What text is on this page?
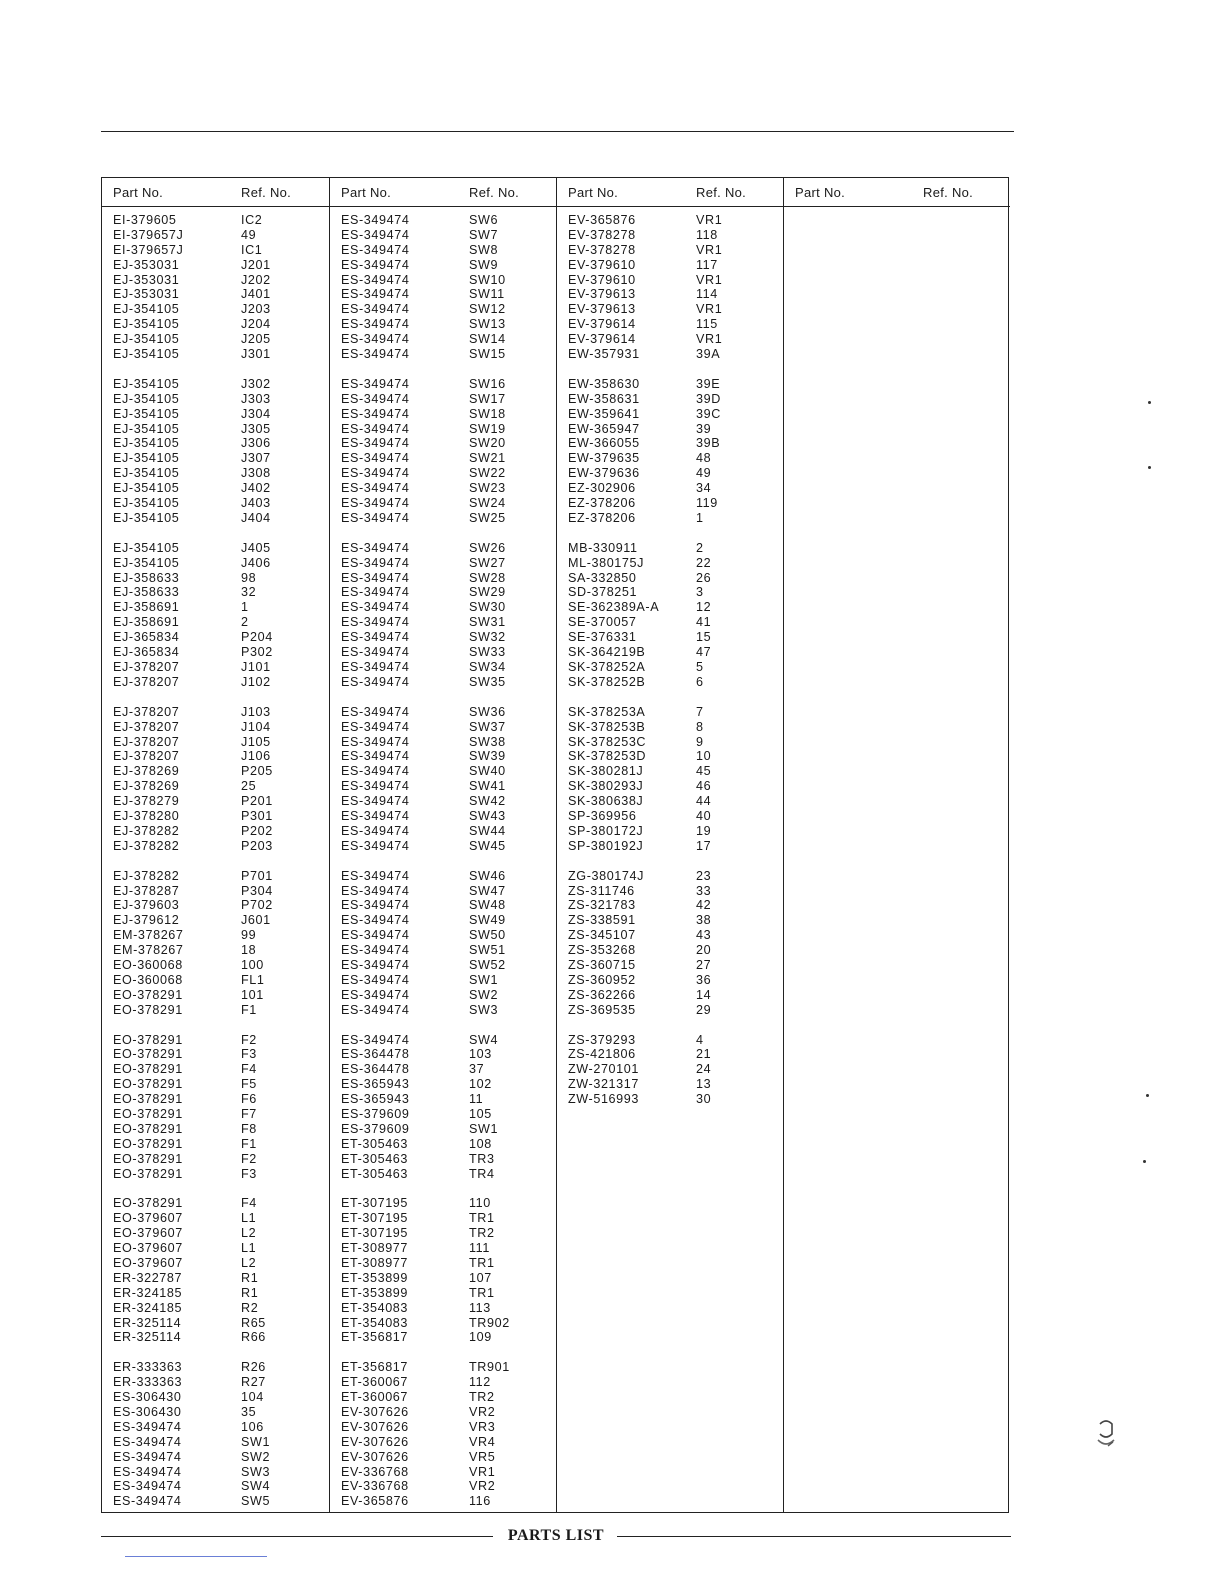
Part No.	Ref. No.
EI-379605	IC2
EI-379657J	49
EI-379657J	IC1
EJ-353031	J201
EJ-353031	J202
EJ-353031	J401
EJ-354105	J203
EJ-354105	J204
EJ-354105	J205
EJ-354105	J301
EJ-354105	J302
EJ-354105	J303
EJ-354105	J304
EJ-354105	J305
EJ-354105	J306
EJ-354105	J307
EJ-354105	J308
EJ-354105	J402
EJ-354105	J403
EJ-354105	J404
EJ-354105	J405
EJ-354105	J406
EJ-358633	98
EJ-358633	32
EJ-358691	1
EJ-358691	2
EJ-365834	P204
EJ-365834	P302
EJ-378207	J101
EJ-378207	J102
EJ-378207	J103
EJ-378207	J104
EJ-378207	J105
EJ-378207	J106
EJ-378269	P205
EJ-378269	25
EJ-378279	P201
EJ-378280	P301
EJ-378282	P202
EJ-378282	P203
EJ-378282	P701
EJ-378287	P304
EJ-379603	P702
EJ-379612	J601
EM-378267	99
EM-378267	18
EO-360068	100
EO-360068	FL1
EO-378291	101
EO-378291	F1
EO-378291	F2
EO-378291	F3
EO-378291	F4
EO-378291	F5
EO-378291	F6
EO-378291	F7
EO-378291	F8
EO-378291	F1
EO-378291	F2
EO-378291	F3
EO-378291	F4
EO-379607	L1
EO-379607	L2
EO-379607	L1
EO-379607	L2
ER-322787	R1
ER-324185	R1
ER-324185	R2
ER-325114	R65
ER-325114	R66
ER-333363	R26
ER-333363	R27
ES-306430	104
ES-306430	35
ES-349474	106
ES-349474	SW1
ES-349474	SW2
ES-349474	SW3
ES-349474	SW4
ES-349474	SW5
Part No.	Ref. No.
ES-349474	SW6
ES-349474	SW7
ES-349474	SW8
ES-349474	SW9
ES-349474	SW10
ES-349474	SW11
ES-349474	SW12
ES-349474	SW13
ES-349474	SW14
ES-349474	SW15
ES-349474	SW16
ES-349474	SW17
ES-349474	SW18
ES-349474	SW19
ES-349474	SW20
ES-349474	SW21
ES-349474	SW22
ES-349474	SW23
ES-349474	SW24
ES-349474	SW25
ES-349474	SW26
ES-349474	SW27
ES-349474	SW28
ES-349474	SW29
ES-349474	SW30
ES-349474	SW31
ES-349474	SW32
ES-349474	SW33
ES-349474	SW34
ES-349474	SW35
ES-349474	SW36
ES-349474	SW37
ES-349474	SW38
ES-349474	SW39
ES-349474	SW40
ES-349474	SW41
ES-349474	SW42
ES-349474	SW43
ES-349474	SW44
ES-349474	SW45
ES-349474	SW46
ES-349474	SW47
ES-349474	SW48
ES-349474	SW49
ES-349474	SW50
ES-349474	SW51
ES-349474	SW52
ES-349474	SW1
ES-349474	SW2
ES-349474	SW3
ES-349474	SW4
ES-364478	103
ES-364478	37
ES-365943	102
ES-365943	11
ES-379609	105
ES-379609	SW1
ET-305463	108
ET-305463	TR3
ET-305463	TR4
ET-307195	110
ET-307195	TR1
ET-307195	TR2
ET-308977	111
ET-308977	TR1
ET-353899	107
ET-353899	TR1
ET-354083	113
ET-354083	TR902
ET-356817	109
ET-356817	TR901
ET-360067	112
ET-360067	TR2
EV-307626	VR2
EV-307626	VR3
EV-307626	VR4
EV-307626	VR5
EV-336768	VR1
EV-336768	VR2
EV-365876	116
Part No.	Ref. No.
EV-365876	VR1
EV-378278	118
EV-378278	VR1
EV-379610	117
EV-379610	VR1
EV-379613	114
EV-379613	VR1
EV-379614	115
EV-379614	VR1
EW-357931	39A
EW-358630	39E
EW-358631	39D
EW-359641	39C
EW-365947	39
EW-366055	39B
EW-379635	48
EW-379636	49
EZ-302906	34
EZ-378206	119
EZ-378206	1
MB-330911	2
ML-380175J	22
SA-332850	26
SD-378251	3
SE-362389A-A	12
SE-370057	41
SE-376331	15
SK-364219B	47
SK-378252A	5
SK-378252B	6
SK-378253A	7
SK-378253B	8
SK-378253C	9
SK-378253D	10
SK-380281J	45
SK-380293J	46
SK-380638J	44
SP-369956	40
SP-380172J	19
SP-380192J	17
ZG-380174J	23
ZS-311746	33
ZS-321783	42
ZS-338591	38
ZS-345107	43
ZS-353268	20
ZS-360715	27
ZS-360952	36
ZS-362266	14
ZS-369535	29
ZS-379293	4
ZS-421806	21
ZW-270101	24
ZW-321317	13
ZW-516993	30
Part No.	Ref. No.
PARTS LIST
